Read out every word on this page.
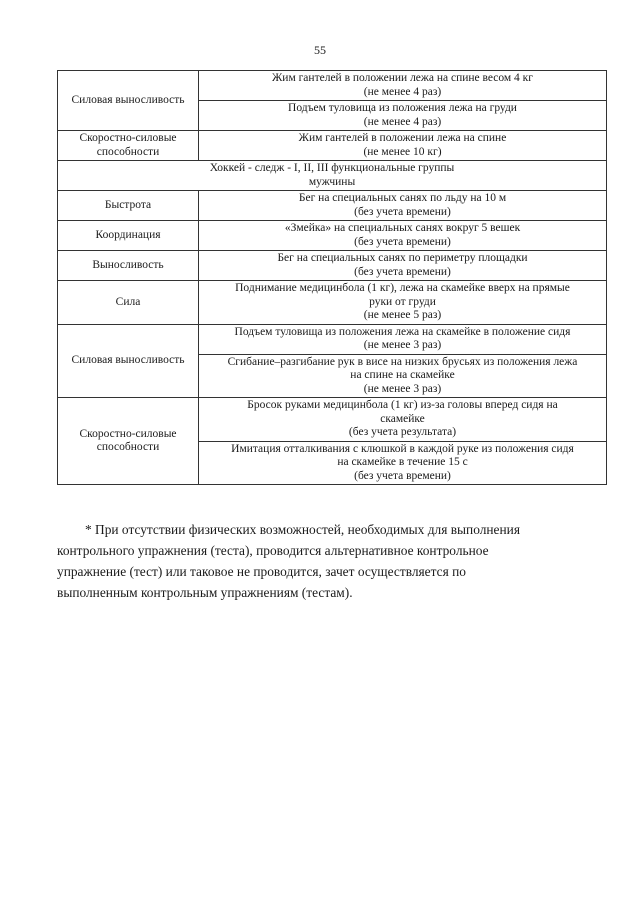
55
Силовая выносливость	Жим гантелей в положении лежа на спине весом 4 кг
(не менее 4 раз)

	Подъем туловища из положения лежа на груди
(не менее 4 раз)

Скоростно-силовые
способности	Жим гантелей в положении лежа на спине
(не менее 10 кг)

Хоккей - следж - I, II, III функциональные группы
мужчины	

Быстрота	Бег на специальных санях по льду на 10 м
(без учета времени)

Координация	«Змейка» на специальных санях вокруг 5 вешек
(без учета времени)

Выносливость	Бег на специальных санях по периметру площадки
(без учета времени)

Сила	Поднимание медицинбола (1 кг), лежа на скамейке вверх на прямые
руки от груди
(не менее 5 раз)

Силовая выносливость	Подъем туловища из положения лежа на скамейке в положение сидя
(не менее 3 раз)

	Сгибание–разгибание рук в висе на низких брусьях из положения лежа
на спине на скамейке
(не менее 3 раз)

Скоростно-силовые
способности	Бросок руками медицинбола (1 кг) из-за головы вперед сидя на
скамейке
(без учета результата)

	Имитация отталкивания с клюшкой в каждой руке из положения сидя
на скамейке в течение 15 с
(без учета времени)
* При отсутствии физических возможностей, необходимых для выполнения
контрольного упражнения (теста), проводится альтернативное контрольное
упражнение (тест) или таковое не проводится, зачет осуществляется по
выполненным контрольным упражнениям (тестам).
